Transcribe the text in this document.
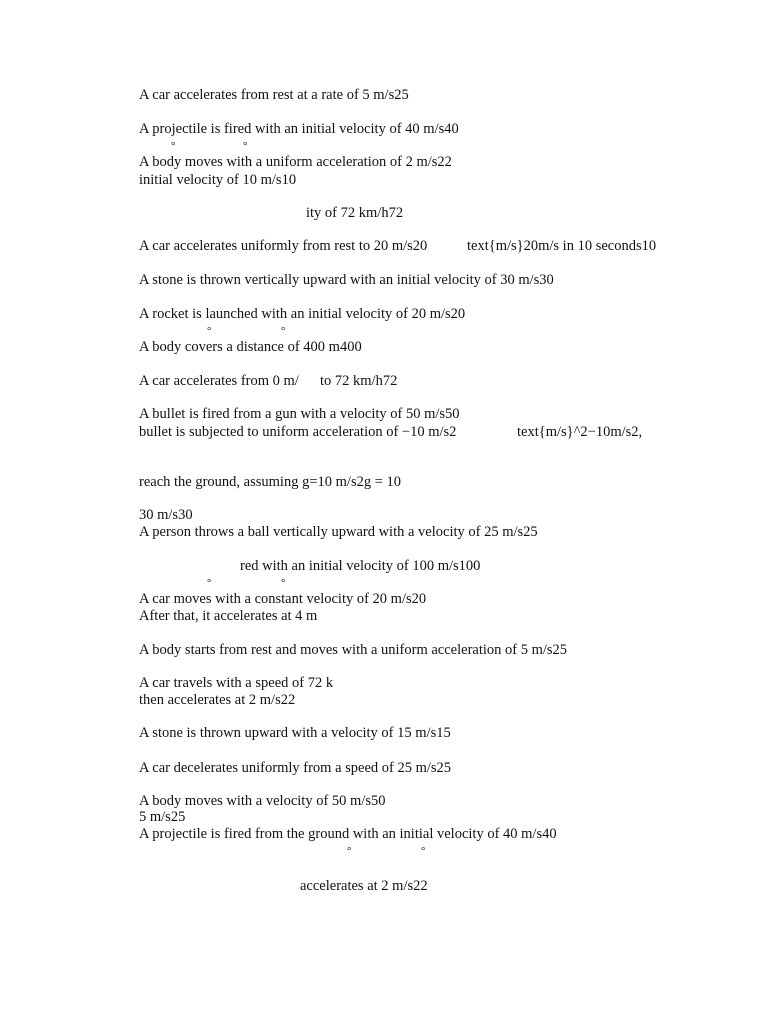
A car accelerates from rest at a rate of 5 m/s25
A projectile is fired with an initial velocity of 40 m/s40
°	°
A body moves with a uniform acceleration of 2 m/s22
initial velocity of 10 m/s10
ity of 72 km/h72
A car accelerates uniformly from rest to 20 m/s20	text{m/s}20m/s in 10 seconds10
A stone is thrown vertically upward with an initial velocity of 30 m/s30
A rocket is launched with an initial velocity of 20 m/s20
°	°
A body covers a distance of 400 m400
A car accelerates from 0 m/ to 72 km/h72
A bullet is fired from a gun with a velocity of 50 m/s50
bullet is subjected to uniform acceleration of −10 m/s2	text{m/s}^2−10m/s2,
reach the ground, assuming g=10 m/s2g = 10
30 m/s30
A person throws a ball vertically upward with a velocity of 25 m/s25
red with an initial velocity of 100 m/s100
°	°
A car moves with a constant velocity of 20 m/s20
After that, it accelerates at 4 m
A body starts from rest and moves with a uniform acceleration of 5 m/s25
A car travels with a speed of 72 k
then accelerates at 2 m/s22
A stone is thrown upward with a velocity of 15 m/s15
A car decelerates uniformly from a speed of 25 m/s25
A body moves with a velocity of 50 m/s50
5 m/s25
A projectile is fired from the ground with an initial velocity of 40 m/s40
°	°
accelerates at 2 m/s22
